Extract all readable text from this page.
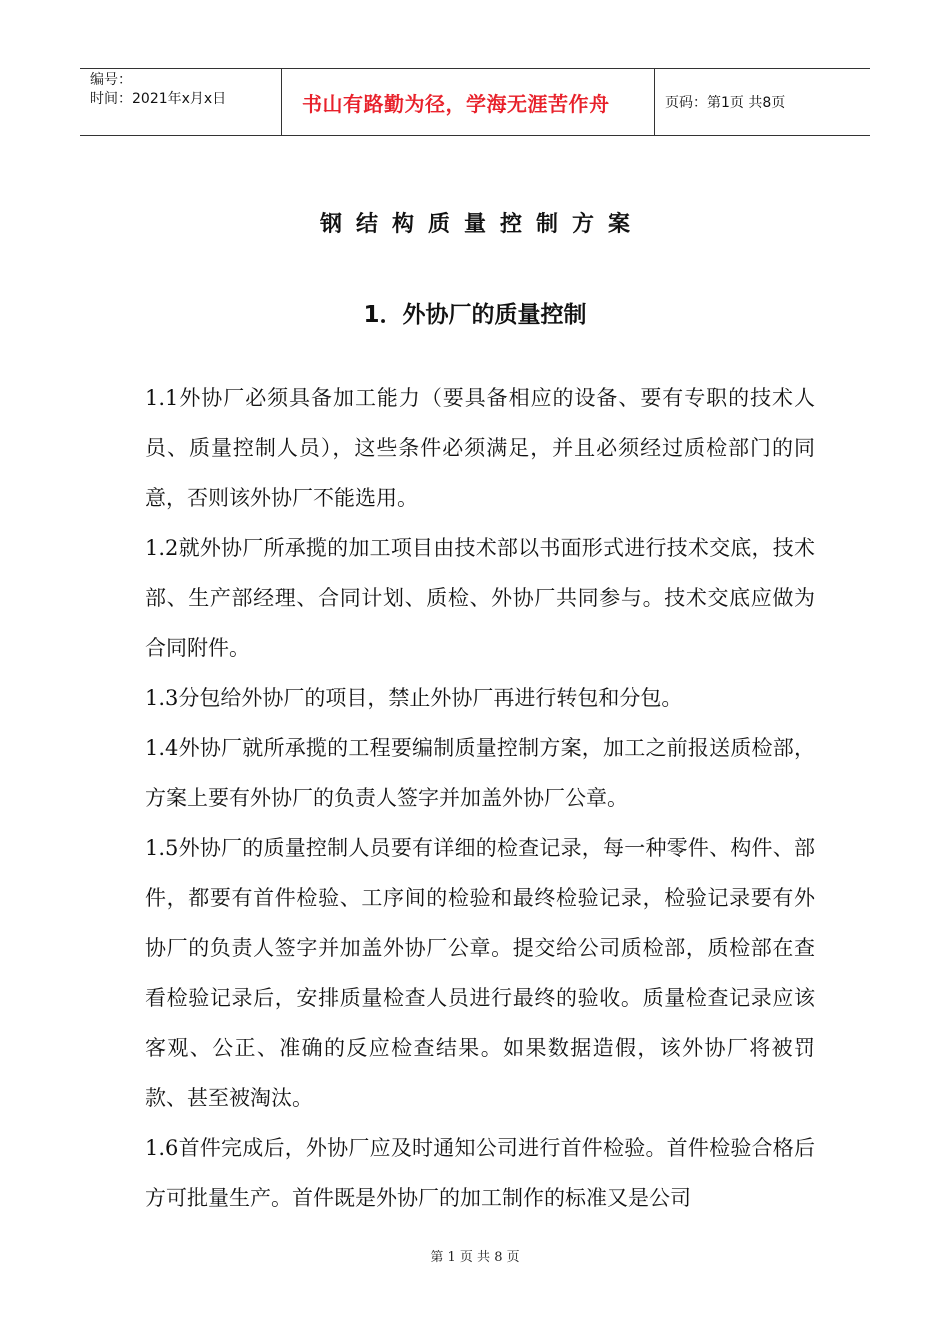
编号：
时间：2021年x月x日	书山有路勤为径，学海无涯苦作舟	页码：第1页 共8页
钢结构质量控制方案
1．外协厂的质量控制

1.1外协厂必须具备加工能力（要具备相应的设备、要有专职的技术人员、质量控制人员），这些条件必须满足，并且必须经过质检部门的同意，否则该外协厂不能选用。

1.2就外协厂所承揽的加工项目由技术部以书面形式进行技术交底，技术部、生产部经理、合同计划、质检、外协厂共同参与。技术交底应做为合同附件。

1.3分包给外协厂的项目，禁止外协厂再进行转包和分包。

1.4外协厂就所承揽的工程要编制质量控制方案，加工之前报送质检部，方案上要有外协厂的负责人签字并加盖外协厂公章。

1.5外协厂的质量控制人员要有详细的检查记录，每一种零件、构件、部件，都要有首件检验、工序间的检验和最终检验记录，检验记录要有外协厂的负责人签字并加盖外协厂公章。提交给公司质检部，质检部在查看检验记录后，安排质量检查人员进行最终的验收。质量检查记录应该客观、公正、准确的反应检查结果。如果数据造假，该外协厂将被罚款、甚至被淘汰。

1.6首件完成后，外协厂应及时通知公司进行首件检验。首件检验合格后方可批量生产。首件既是外协厂的加工制作的标准又是公司

第 1 页 共 8 页
